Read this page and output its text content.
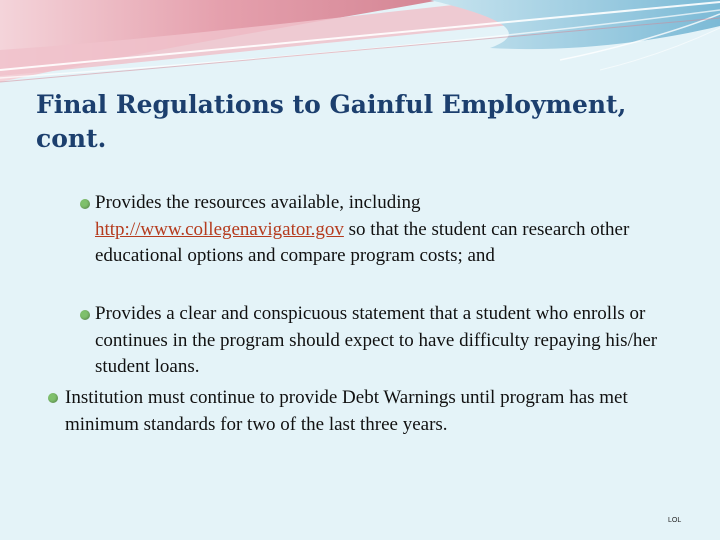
Final Regulations to Gainful Employment, cont.
Provides the resources available, including
http://www.collegenavigator.gov so that the student can research other educational options and compare program costs; and
Provides a clear and conspicuous statement that a student who enrolls or continues in the program should expect to have difficulty repaying his/her student loans.
Institution must continue to provide Debt Warnings until program has met minimum standards for two of the last three years.
LOL
